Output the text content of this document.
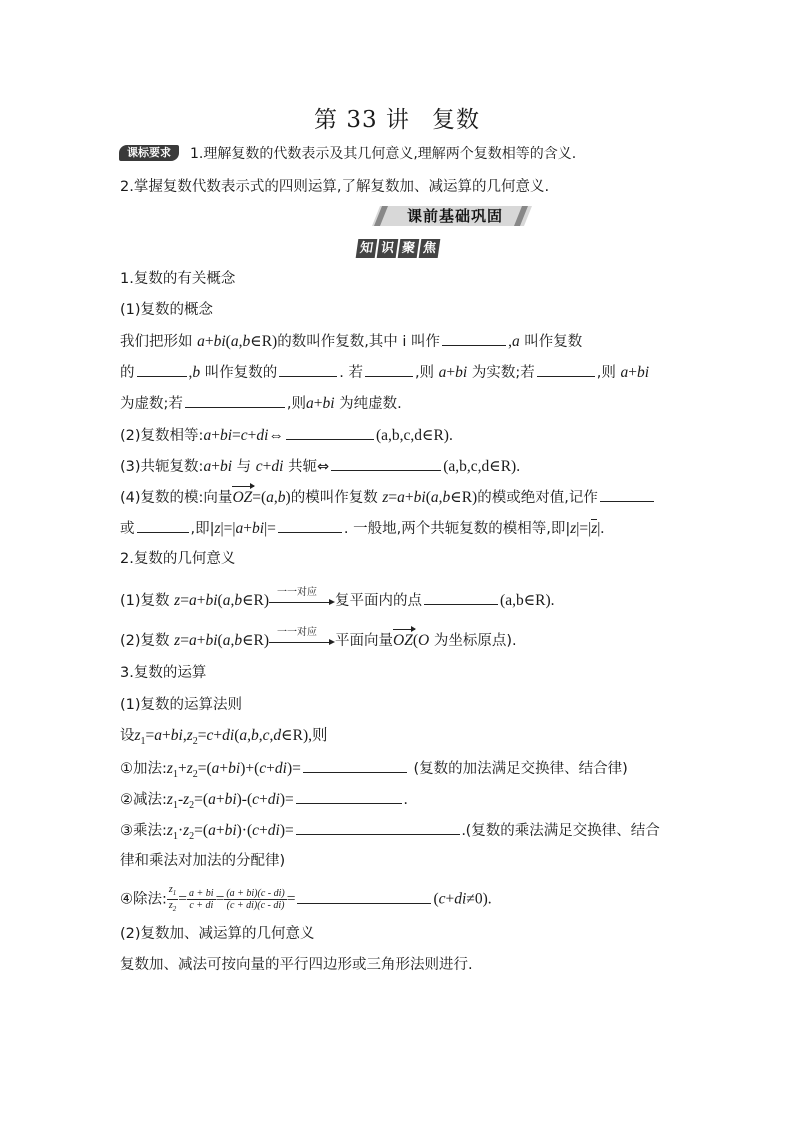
第 33 讲 复数
课标要求	1.理解复数的代数表示及其几何意义,理解两个复数相等的含义.
2.掌握复数代数表示式的四则运算,了解复数加、减运算的几何意义.
课前基础巩固
知 识 聚 焦
1.复数的有关概念
(1)复数的概念
我们把形如 a+bi(a,b∈R)的数叫作复数,其中 i 叫作	,a 叫作复数
的	,b 叫作复数的	. 若	,则 a+bi 为实数;若	,则 a+bi
为虚数;若	,则a+bi 为纯虚数.
(2)复数相等:a+bi=c+di⇔	(a,b,c,d∈R).
(3)共轭复数:a+bi 与 c+di 共轭⇔	(a,b,c,d∈R).
(4)复数的模:向量OZ=(a,b)的模叫作复数 z=a+bi(a,b∈R)的模或绝对值,记作
或	,即|z|=|a+bi|=	. 一般地,两个共轭复数的模相等,即|z|=|z|.
2.复数的几何意义
(1)复数 z=a+bi(a,b∈R) 一一对应
复平面内的点	(a,b∈R).
(2)复数 z=a+bi(a,b∈R) 一一对应
平面向量OZ(O 为坐标原点).
3.复数的运算
(1)复数的运算法则
设$z_1=a+bi,z_2=c+di(a,b,c,d\in R)$,则
①加法$:z_1+z_2=(a+bi)+(c+di)=$	(复数的加法满足交换律、结合律)
②减法$:z_1-z_2=(a+bi)-(c+di)=$	.
③乘法$:z_1\cdot z_2=(a+bi)\cdot(c+di)=$	.(复数的乘法满足交换律、结合
律和乘法对加法的分配律)
④除法: $\frac{z_1}{z_2} = \frac{a + bi}{c + di} = \frac{(a + bi)(c - di)}{(c + di)(c - di)}$ =	(c+di≠0).
(2)复数加、减运算的几何意义
复数加、减法可按向量的平行四边形或三角形法则进行.
